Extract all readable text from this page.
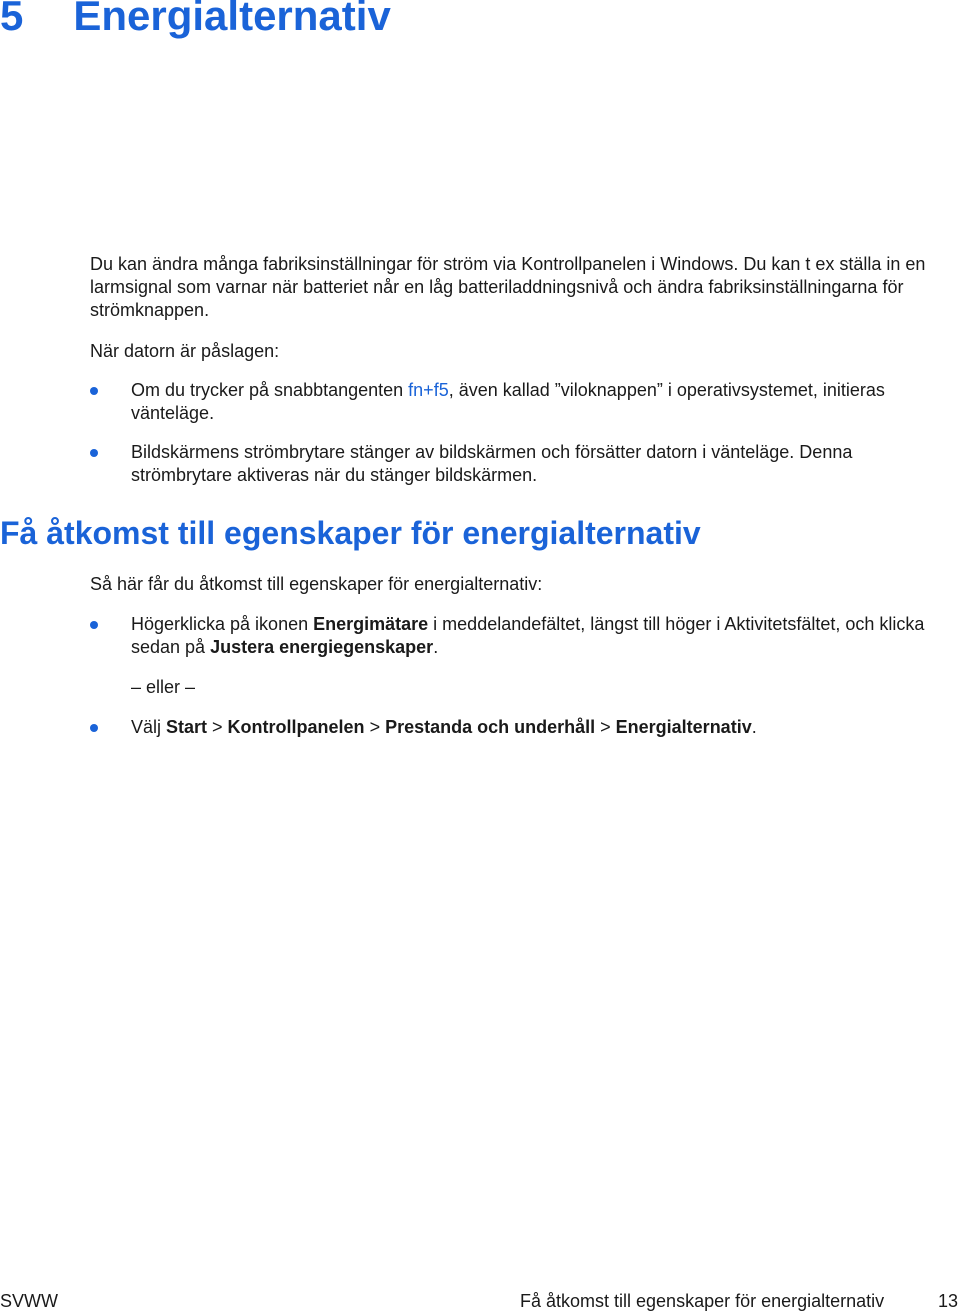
5 Energialternativ

Du kan ändra många fabriksinställningar för ström via Kontrollpanelen i Windows. Du kan t ex ställa in en larmsignal som varnar när batteriet når en låg batteriladdningsnivå och ändra fabriksinställningarna för strömknappen.

När datorn är påslagen:

Om du trycker på snabbtangenten fn+f5, även kallad ”viloknappen” i operativsystemet, initieras vänteläge.

Bildskärmens strömbrytare stänger av bildskärmen och försätter datorn i vänteläge. Denna strömbrytare aktiveras när du stänger bildskärmen.

Få åtkomst till egenskaper för energialternativ

Så här får du åtkomst till egenskaper för energialternativ:

Högerklicka på ikonen Energimätare i meddelandefältet, längst till höger i Aktivitetsfältet, och klicka sedan på Justera energiegenskaper.

– eller –

Välj Start > Kontrollpanelen > Prestanda och underhåll > Energialternativ.

SVWW	Få åtkomst till egenskaper för energialternativ	13
